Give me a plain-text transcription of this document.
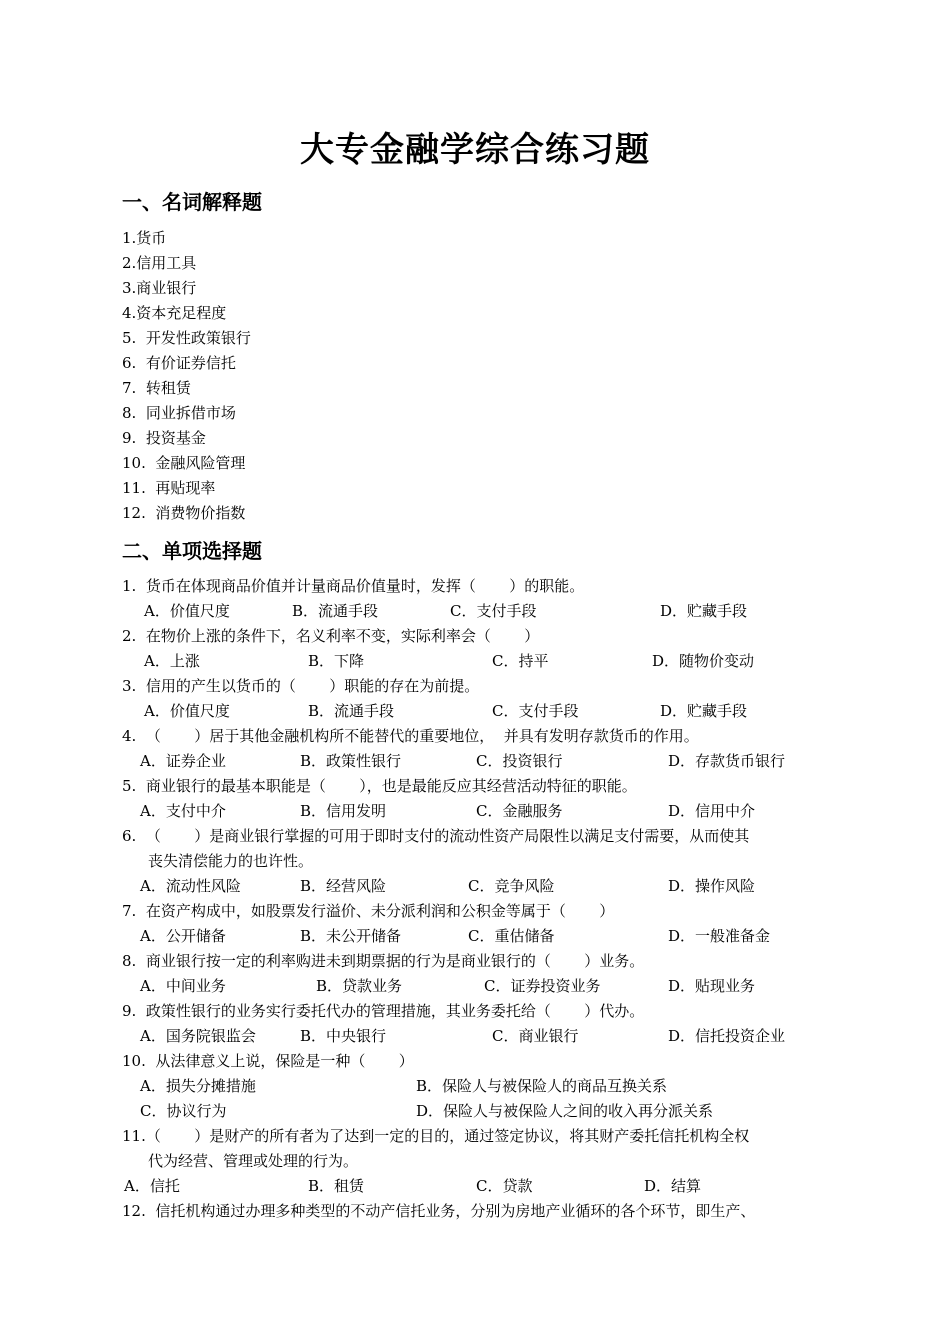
大专金融学综合练习题
一、名词解释题
1.货币
2.信用工具
3.商业银行
4.资本充足程度
5.  开发性政策银行
6.  有价证券信托
7.  转租赁
8.  同业拆借市场
9.  投资基金
10.  金融风险管理
11.  再贴现率
12.  消费物价指数
二、单项选择题
1.  货币在体现商品价值并计量商品价值量时，发挥（       ）的职能。
A．价值尺度	B．流通手段	C．支付手段	D．贮藏手段
2.  在物价上涨的条件下，名义利率不变，实际利率会（       ）
A．上涨	B．下降	C．持平	D．随物价变动
3.  信用的产生以货币的（       ）职能的存在为前提。
A．价值尺度	B．流通手段	C．支付手段	D．贮藏手段
4.  （       ）居于其他金融机构所不能替代的重要地位，  并具有发明存款货币的作用。
A．证券企业	B．政策性银行	C．投资银行	D．存款货币银行
5.  商业银行的最基本职能是（       ），也是最能反应其经营活动特征的职能。
A．支付中介	B．信用发明	C．金融服务	D．信用中介
6.  （       ）是商业银行掌握的可用于即时支付的流动性资产局限性以满足支付需要，从而使其
丧失清偿能力的也许性。
A．流动性风险	B．经营风险	C．竞争风险	D．操作风险
7.  在资产构成中，如股票发行溢价、未分派利润和公积金等属于（       ）
A．公开储备	B．未公开储备	C．重估储备	D．一般准备金
8.  商业银行按一定的利率购进未到期票据的行为是商业银行的（       ）业务。
A．中间业务	B．贷款业务	C．证券投资业务	D．贴现业务
9.  政策性银行的业务实行委托代办的管理措施，其业务委托给（       ）代办。
A．国务院银监会	B．中央银行	C．商业银行	D．信托投资企业
10.  从法律意义上说，保险是一种（       ）
A．损失分摊措施	B．保险人与被保险人的商品互换关系
C．协议行为	D．保险人与被保险人之间的收入再分派关系
11.（       ）是财产的所有者为了达到一定的目的，通过签定协议，将其财产委托信托机构全权
代为经营、管理或处理的行为。
A．信托	B．租赁	C．贷款	D．结算
12.  信托机构通过办理多种类型的不动产信托业务，分别为房地产业循环的各个环节，即生产、
